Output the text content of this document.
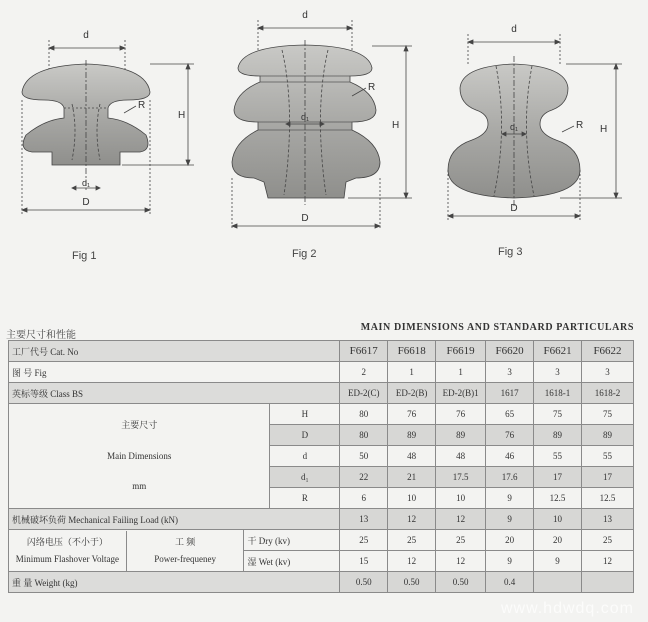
d
R
H
d₁
D
d
R
H
d₁
D
d
R H
d₁
D
Fig 1	Fig 2	Fig 3
主要尺寸和性能
MAIN DIMENSIONS AND STANDARD PARTICULARS
工厂代号 Cat. No			F6617	F6618	F6619	F6620	F6621	F6622
图 号 Fig			2	1	1	3	3	3
英标等级 Class BS			ED-2(C)	ED-2(B)	ED-2(B)1	1617	1618-1	1618-2

主要尺寸
Main Dimensions
mm		H	80	76	76	65	75	75
		D	80	89	89	76	89	89
		d	50	48	48	46	55	55
		d₁	22	21	17.5	17.6	17	17
		R	6	10	10	9	12.5	12.5
机械破坏负荷 Mechanical Failing Load (kN)			13	12	12	9	10	13

闪络电压（不小于）
Minimum Flashover Voltage
工 频
Power-frequeney	干 Dry (kv)		25	25	25	20	20	25
	湿 Wet (kv)		15	12	12	9	9	12
重 量 Weight (kg)			0.50	0.50	0.50	0.4		
www.hdwdq.com
